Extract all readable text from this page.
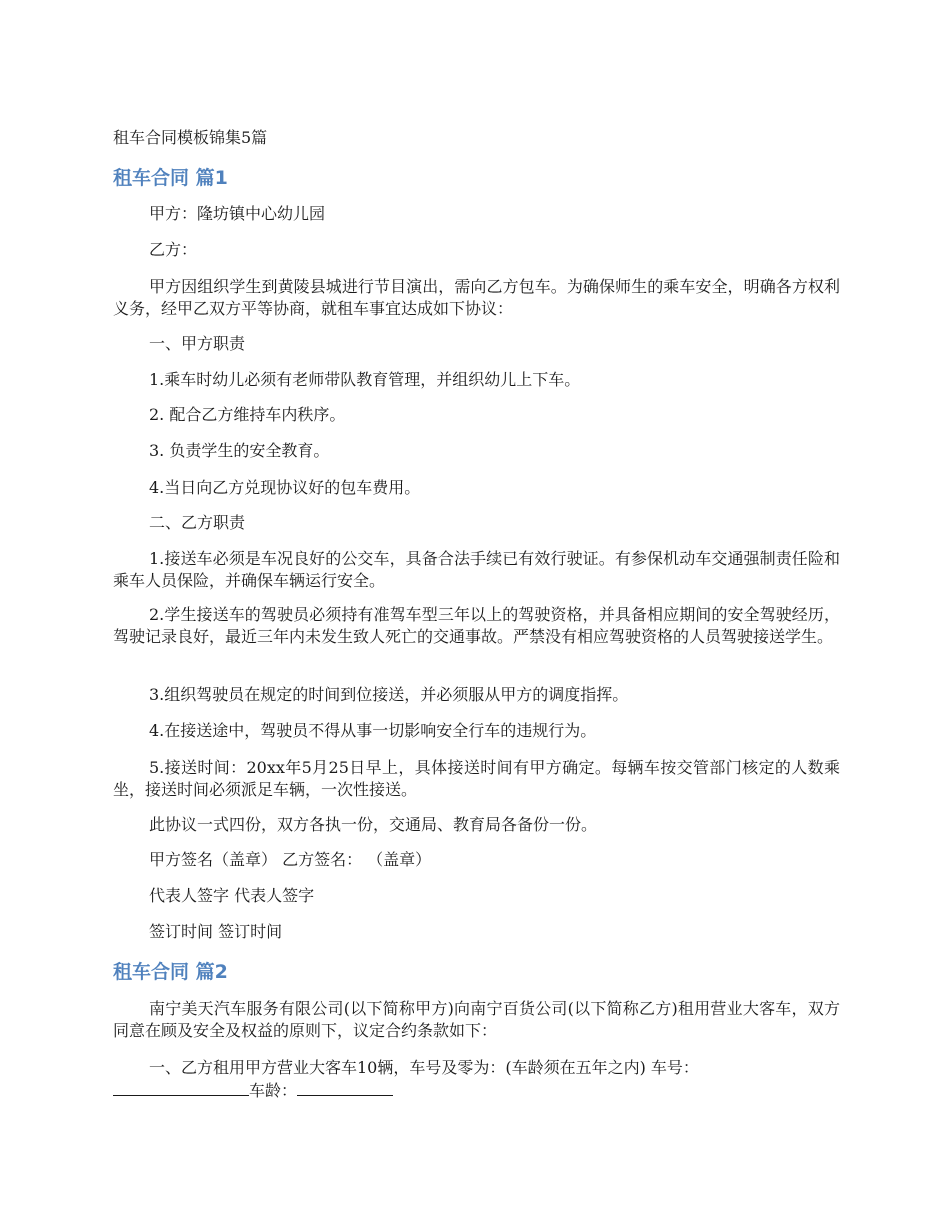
租车合同模板锦集5篇
租车合同 篇1

甲方：隆坊镇中心幼儿园

乙方：

甲方因组织学生到黄陵县城进行节目演出，需向乙方包车。为确保师生的乘车安全，明确各方权利义务，经甲乙双方平等协商，就租车事宜达成如下协议：

一、甲方职责

1.乘车时幼儿必须有老师带队教育管理，并组织幼儿上下车。

2. 配合乙方维持车内秩序。

3. 负责学生的安全教育。

4.当日向乙方兑现协议好的包车费用。

二、乙方职责

1.接送车必须是车况良好的公交车，具备合法手续已有效行驶证。有参保机动车交通强制责任险和乘车人员保险，并确保车辆运行安全。

2.学生接送车的驾驶员必须持有准驾车型三年以上的驾驶资格，并具备相应期间的安全驾驶经历，驾驶记录良好，最近三年内未发生致人死亡的交通事故。严禁没有相应驾驶资格的人员驾驶接送学生。

3.组织驾驶员在规定的时间到位接送，并必须服从甲方的调度指挥。

4.在接送途中，驾驶员不得从事一切影响安全行车的违规行为。

5.接送时间：20xx年5月25日早上，具体接送时间有甲方确定。每辆车按交管部门核定的人数乘坐，接送时间必须派足车辆，一次性接送。

此协议一式四份，双方各执一份，交通局、教育局各备份一份。

甲方签名（盖章） 乙方签名： （盖章）

代表人签字 代表人签字

签订时间 签订时间

租车合同 篇2

南宁美天汽车服务有限公司(以下简称甲方)向南宁百货公司(以下简称乙方)租用营业大客车，双方同意在顾及安全及权益的原则下，议定合约条款如下：

一、乙方租用甲方营业大客车10辆，车号及零为：(车龄须在五年之内) 车号：
车龄：
